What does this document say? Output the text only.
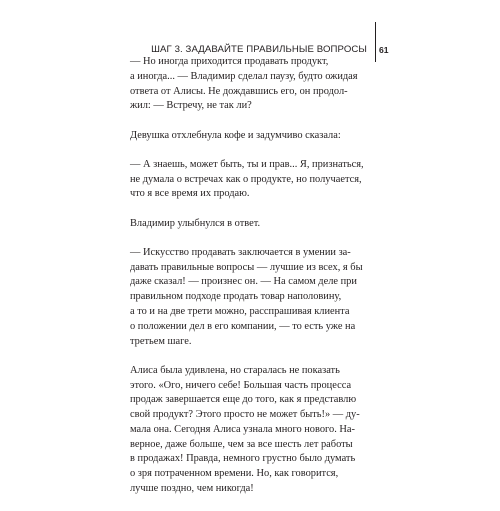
ШАГ 3. ЗАДАВАЙТЕ ПРАВИЛЬНЫЕ ВОПРОСЫ 61

— Но иногда приходится продавать продукт,
а иногда... — Владимир сделал паузу, будто ожидая
ответа от Алисы. Не дождавшись его, он продол-
жил: — Встречу, не так ли?

Девушка отхлебнула кофе и задумчиво сказала:

— А знаешь, может быть, ты и прав... Я, признаться,
не думала о встречах как о продукте, но получается,
что я все время их продаю.

Владимир улыбнулся в ответ.

— Искусство продавать заключается в умении за-
давать правильные вопросы — лучшие из всех, я бы
даже сказал! — произнес он. — На самом деле при
правильном подходе продать товар наполовину,
а то и на две трети можно, расспрашивая клиента
о положении дел в его компании, — то есть уже на
третьем шаге.

Алиса была удивлена, но старалась не показать
этого. «Ого, ничего себе! Большая часть процесса
продаж завершается еще до того, как я представлю
свой продукт? Этого просто не может быть!» — ду-
мала она. Сегодня Алиса узнала много нового. На-
верное, даже больше, чем за все шесть лет работы
в продажах! Правда, немного грустно было думать
о зря потраченном времени. Но, как говорится,
лучше поздно, чем никогда!
